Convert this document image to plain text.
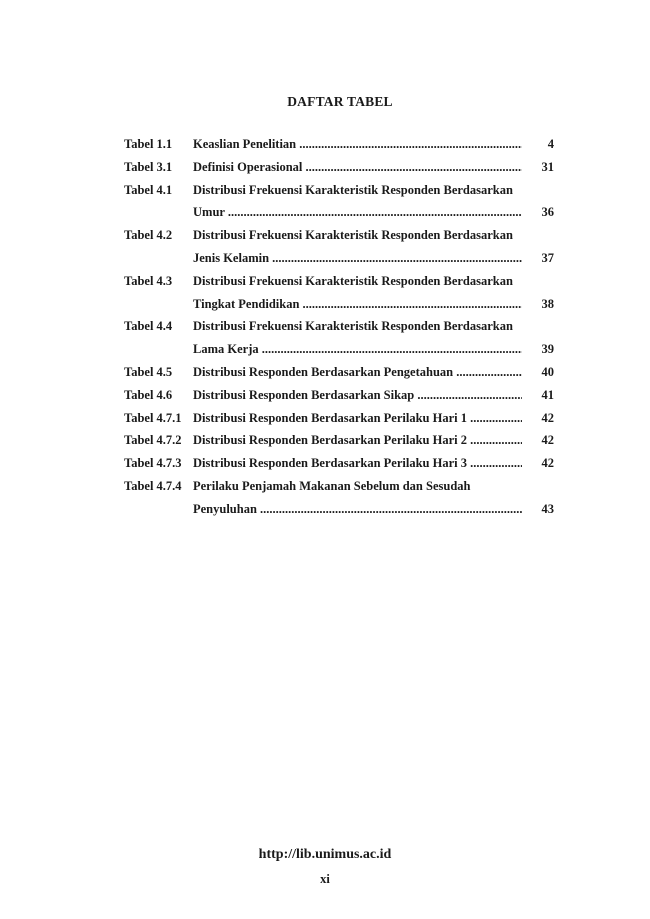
DAFTAR TABEL
Tabel 1.1 Keaslian Penelitian .....	4
Tabel 3.1 Definisi Operasional .....	31
Tabel 4.1 Distribusi Frekuensi Karakteristik Responden Berdasarkan
Umur .....	36
Tabel 4.2 Distribusi Frekuensi Karakteristik Responden Berdasarkan
Jenis Kelamin .....	37
Tabel 4.3 Distribusi Frekuensi Karakteristik Responden Berdasarkan
Tingkat Pendidikan .....	38
Tabel 4.4 Distribusi Frekuensi Karakteristik Responden Berdasarkan
Lama Kerja .....	39
Tabel 4.5 Distribusi Responden Berdasarkan Pengetahuan .....	40
Tabel 4.6 Distribusi Responden Berdasarkan Sikap .....	41
Tabel 4.7.1 Distribusi Responden Berdasarkan Perilaku Hari 1 .....	42
Tabel 4.7.2 Distribusi Responden Berdasarkan Perilaku Hari 2 .....	42
Tabel 4.7.3 Distribusi Responden Berdasarkan Perilaku Hari 3 .....	42
Tabel 4.7.4 Perilaku Penjamah Makanan Sebelum dan Sesudah
Penyuluhan .....	43
http://lib.unimus.ac.id
xi
